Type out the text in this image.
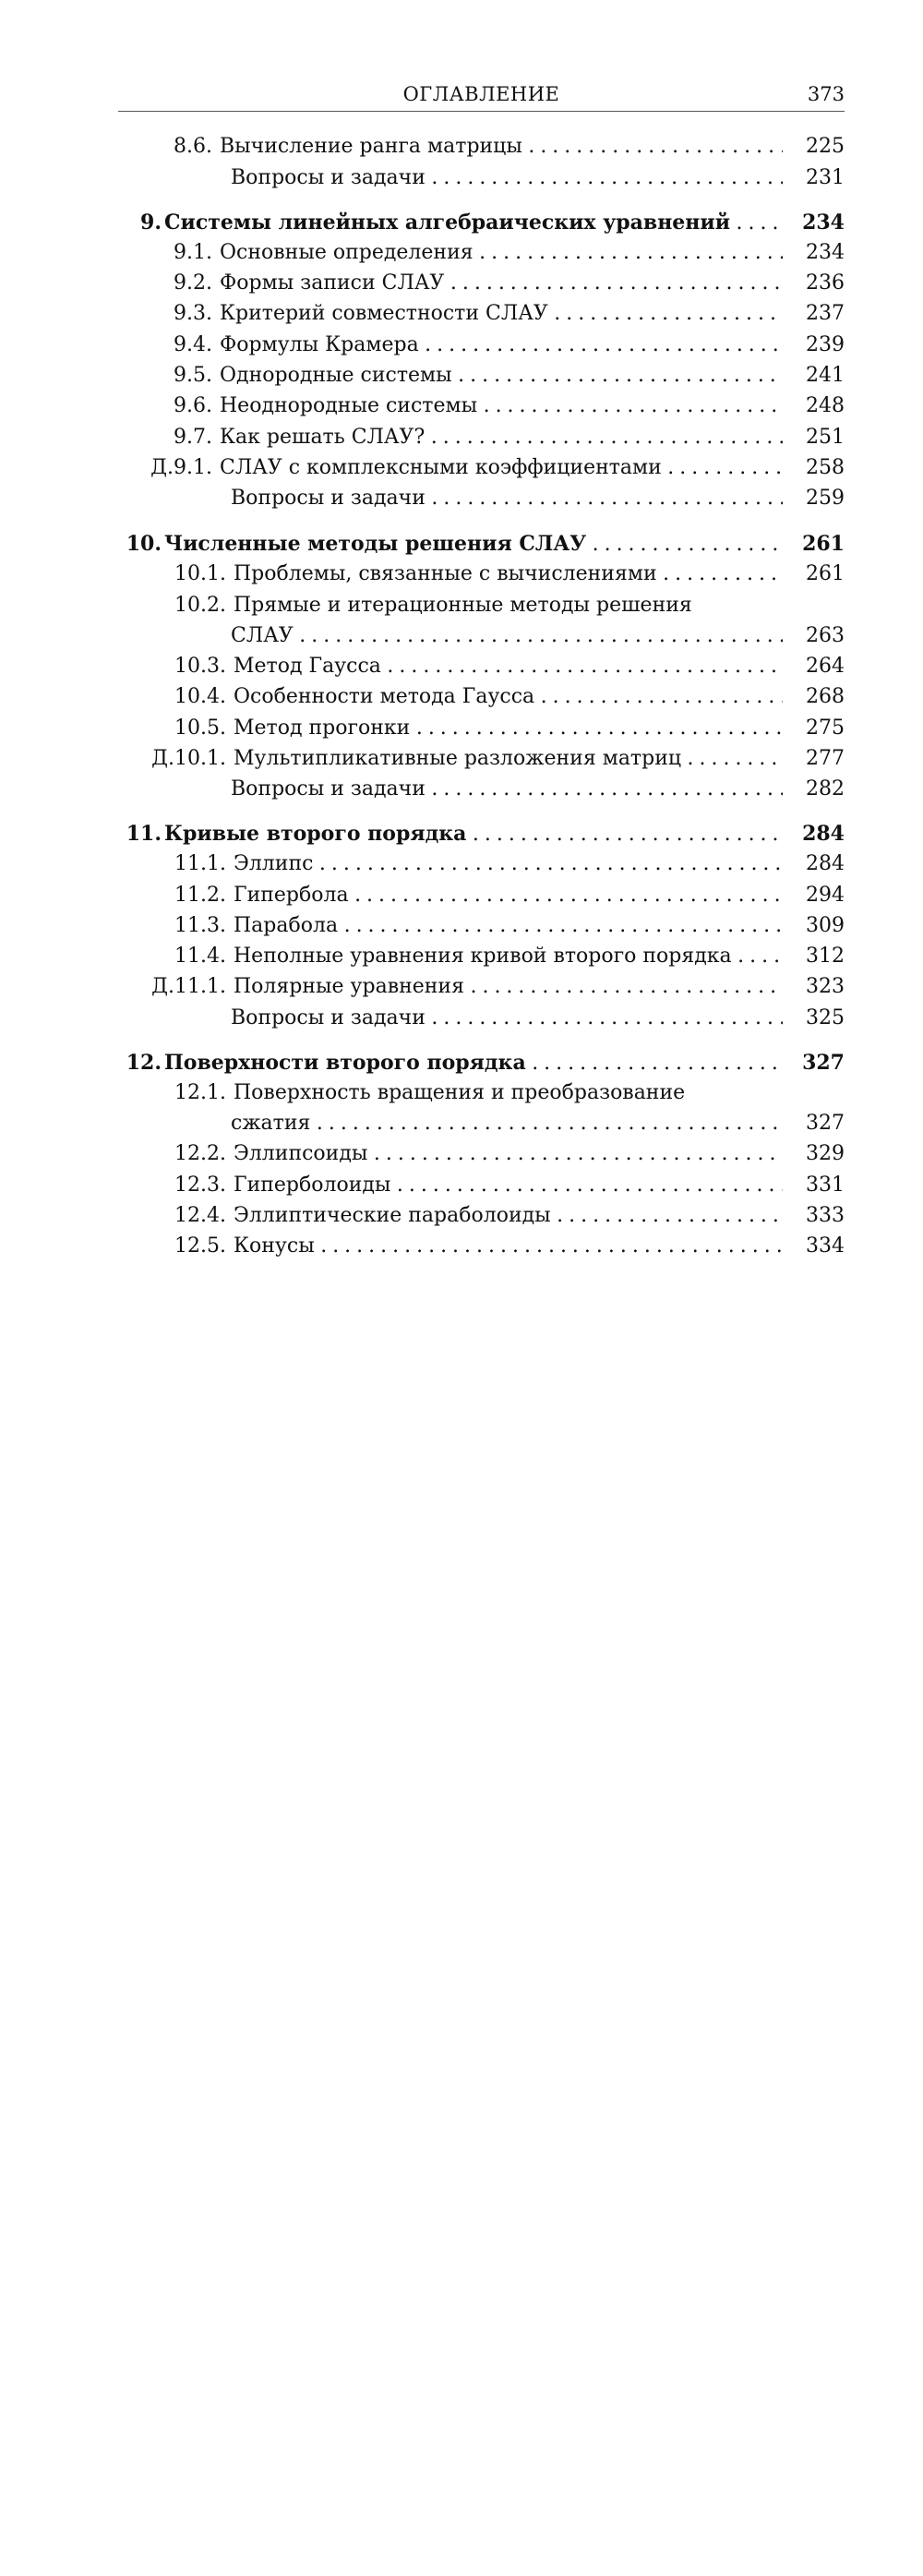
ОГЛАВЛЕНИЕ	373
8.6. Вычисление ранга матрицы . . .	225
Вопросы и задачи . . .	231
9. Системы линейных алгебраических уравнений . . .	234
9.1. Основные определения . . .	234
9.2. Формы записи СЛАУ . . .	236
9.3. Критерий совместности СЛАУ . . .	237
9.4. Формулы Крамера . . .	239
9.5. Однородные системы . . .	241
9.6. Неоднородные системы . . .	248
9.7. Как решать СЛАУ? . . .	251
Д.9.1. СЛАУ с комплексными коэффициентами . . .	258
Вопросы и задачи . . .	259
10. Численные методы решения СЛАУ . . .	261
10.1. Проблемы, связанные с вычислениями . . .	261
10.2. Прямые и итерационные методы решения
СЛАУ . . .	263
10.3. Метод Гаусса . . .	264
10.4. Особенности метода Гаусса . . .	268
10.5. Метод прогонки . . .	275
Д.10.1. Мультипликативные разложения матриц . . .	277
Вопросы и задачи . . .	282
11. Кривые второго порядка . . .	284
11.1. Эллипс . . .	284
11.2. Гипербола . . .	294
11.3. Парабола . . .	309
11.4. Неполные уравнения кривой второго порядка . . .	312
Д.11.1. Полярные уравнения . . .	323
Вопросы и задачи . . .	325
12. Поверхности второго порядка . . .	327
12.1. Поверхность вращения и преобразование
сжатия . . .	327
12.2. Эллипсоиды . . .	329
12.3. Гиперболоиды . . .	331
12.4. Эллиптические параболоиды . . .	333
12.5. Конусы . . .	334
